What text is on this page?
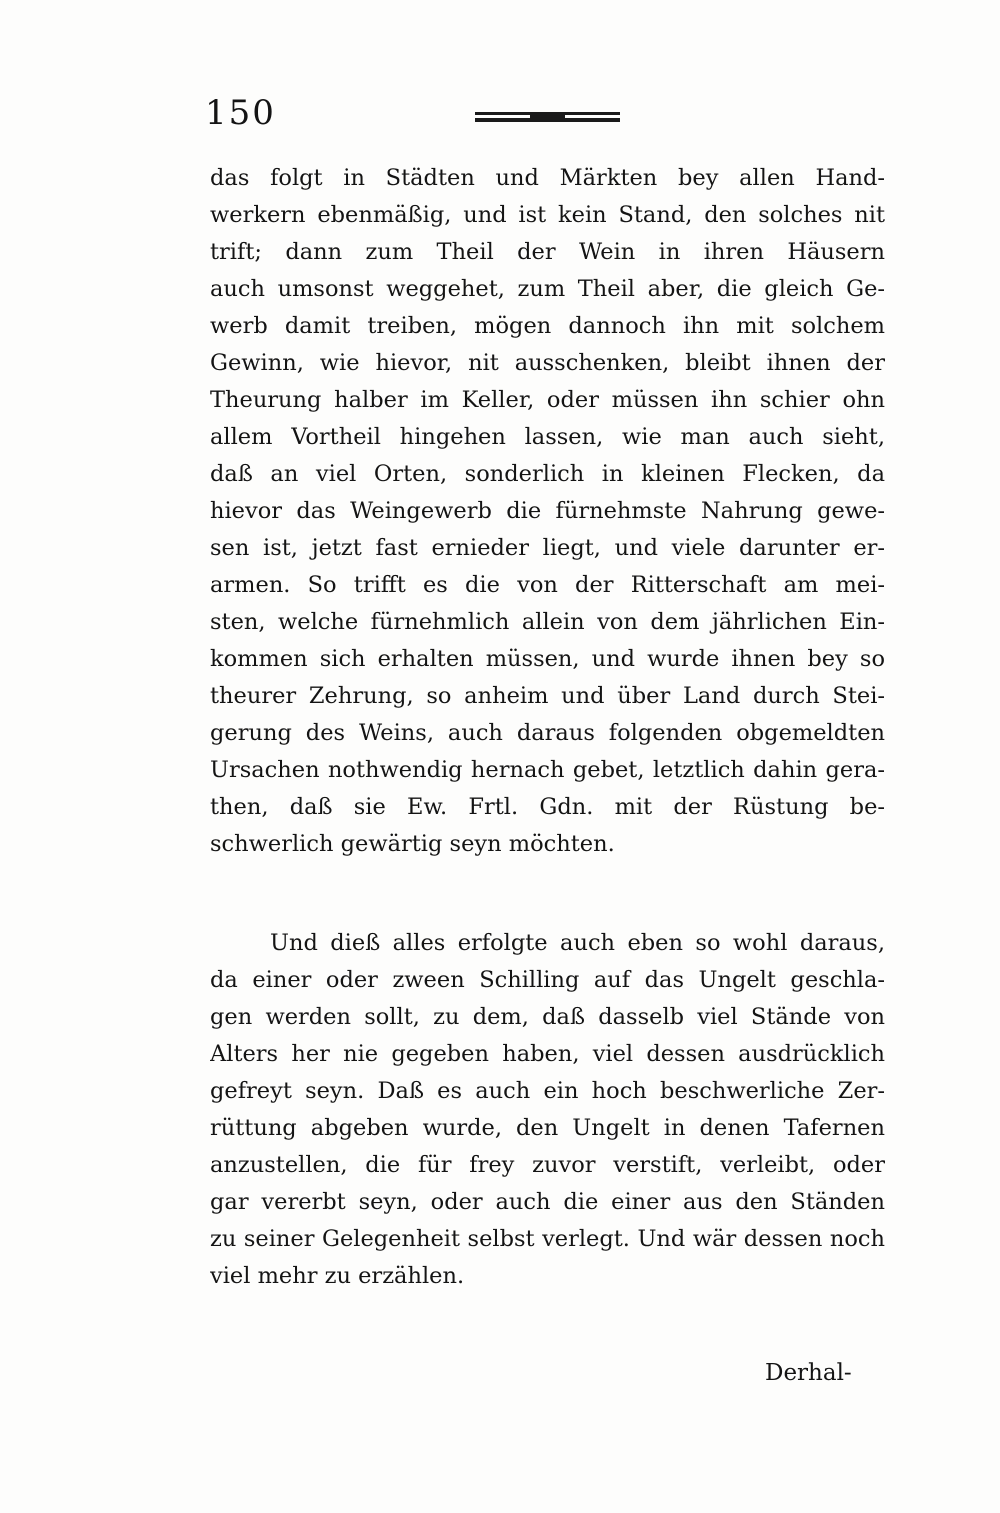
150
das folgt in Städten und Märkten bey allen Hand-
werkern ebenmäßig, und ist kein Stand, den solches nit
trift; dann zum Theil der Wein in ihren Häusern
auch umsonst weggehet, zum Theil aber, die gleich Ge-
werb damit treiben, mögen dannoch ihn mit solchem
Gewinn, wie hievor, nit ausschenken, bleibt ihnen der
Theurung halber im Keller, oder müssen ihn schier ohn
allem Vortheil hingehen lassen, wie man auch sieht,
daß an viel Orten, sonderlich in kleinen Flecken, da
hievor das Weingewerb die fürnehmste Nahrung gewe-
sen ist, jetzt fast ernieder liegt, und viele darunter er-
armen. So trifft es die von der Ritterschaft am mei-
sten, welche fürnehmlich allein von dem jährlichen Ein-
kommen sich erhalten müssen, und wurde ihnen bey so
theurer Zehrung, so anheim und über Land durch Stei-
gerung des Weins, auch daraus folgenden obgemeldten
Ursachen nothwendig hernach gebet, letztlich dahin gera-
then, daß sie Ew. Frtl. Gdn. mit der Rüstung be-
schwerlich gewärtig seyn möchten.
Und dieß alles erfolgte auch eben so wohl daraus,
da einer oder zween Schilling auf das Ungelt geschla-
gen werden sollt, zu dem, daß dasselb viel Stände von
Alters her nie gegeben haben, viel dessen ausdrücklich
gefreyt seyn. Daß es auch ein hoch beschwerliche Zer-
rüttung abgeben wurde, den Ungelt in denen Tafernen
anzustellen, die für frey zuvor verstift, verleibt, oder
gar vererbt seyn, oder auch die einer aus den Ständen
zu seiner Gelegenheit selbst verlegt. Und wär dessen noch
viel mehr zu erzählen.
Derhal-
